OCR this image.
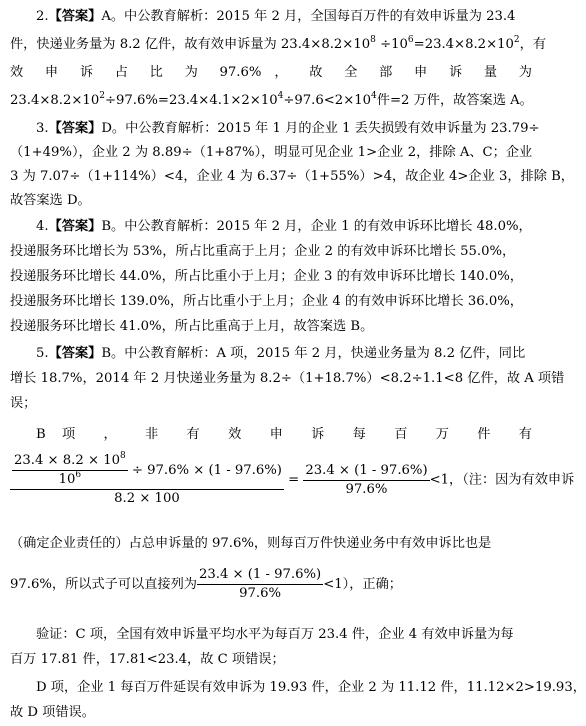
2.【答案】A。中公教育解析：2015 年 2 月，全国每百万件的有效申诉量为 23.4
件，快递业务量为 8.2 亿件，故有效申诉量为 $23.4\times 8.2\times 10^8 \div 10^6=23.4\times 8.2\times 10^2$，有
效 申 诉 占 比 为 97.6% ， 故 全 部 申 诉 量 为
$23.4\times 8.2\times 10^2\div 97.6\%=23.4\times 4.1\times 2\times 10^4\div 97.6<2\times 10^4$件=2 万件，故答案选 A。
3.【答案】D。中公教育解析：2015 年 1 月的企业 1 丢失损毁有效申诉量为 23.79÷
（1+49%），企业 2 为 8.89÷（1+87%），明显可见企业 1>企业 2，排除 A、C；企业
3 为 7.07÷（1+114%）<4，企业 4 为 6.37÷（1+55%）>4，故企业 4>企业 3，排除 B，
故答案选 D。
4.【答案】B。中公教育解析：2015 年 2 月，企业 1 的有效申诉环比增长 48.0%，
投递服务环比增长为 53%，所占比重高于上月；企业 2 的有效申诉环比增长 55.0%，
投递服务环比增长 44.0%，所占比重小于上月；企业 3 的有效申诉环比增长 140.0%，
投递服务环比增长 139.0%，所占比重小于上月；企业 4 的有效申诉环比增长 36.0%，
投递服务环比增长 41.0%，所占比重高于上月，故答案选 B。
5.【答案】B。中公教育解析：A 项，2015 年 2 月，快递业务量为 8.2 亿件，同比
增长 18.7%，2014 年 2 月快递业务量为 8.2÷（1+18.7%）<8.2÷1.1<8 亿件，故 A 项错
误；
B 项 ， 非 有 效 申 诉 每 百 万 件 有
$\frac{23.4 \times 8.2 \times 10^8}{10^6} \div 97.6\% \times (1 - 97.6\%)$
8.2 × 100
= $\frac{23.4 \times (1 - 97.6\%)}{97.6\%} <1$，（注：因为有效申诉
（确定企业责任的）占总申诉量的 97.6%，则每百万件快递业务中有效申诉比也是
97.6%，所以式子可以直接列为 $\frac{23.4 \times (1 - 97.6\%)}{97.6\%} <1$），正确；
验证：C 项，全国有效申诉量平均水平为每百万 23.4 件，企业 4 有效申诉量为每
百万 17.81 件，17.81<23.4，故 C 项错误；
D 项，企业 1 每百万件延误有效申诉为 19.93 件，企业 2 为 11.12 件，11.12×2>19.93，
故 D 项错误。
